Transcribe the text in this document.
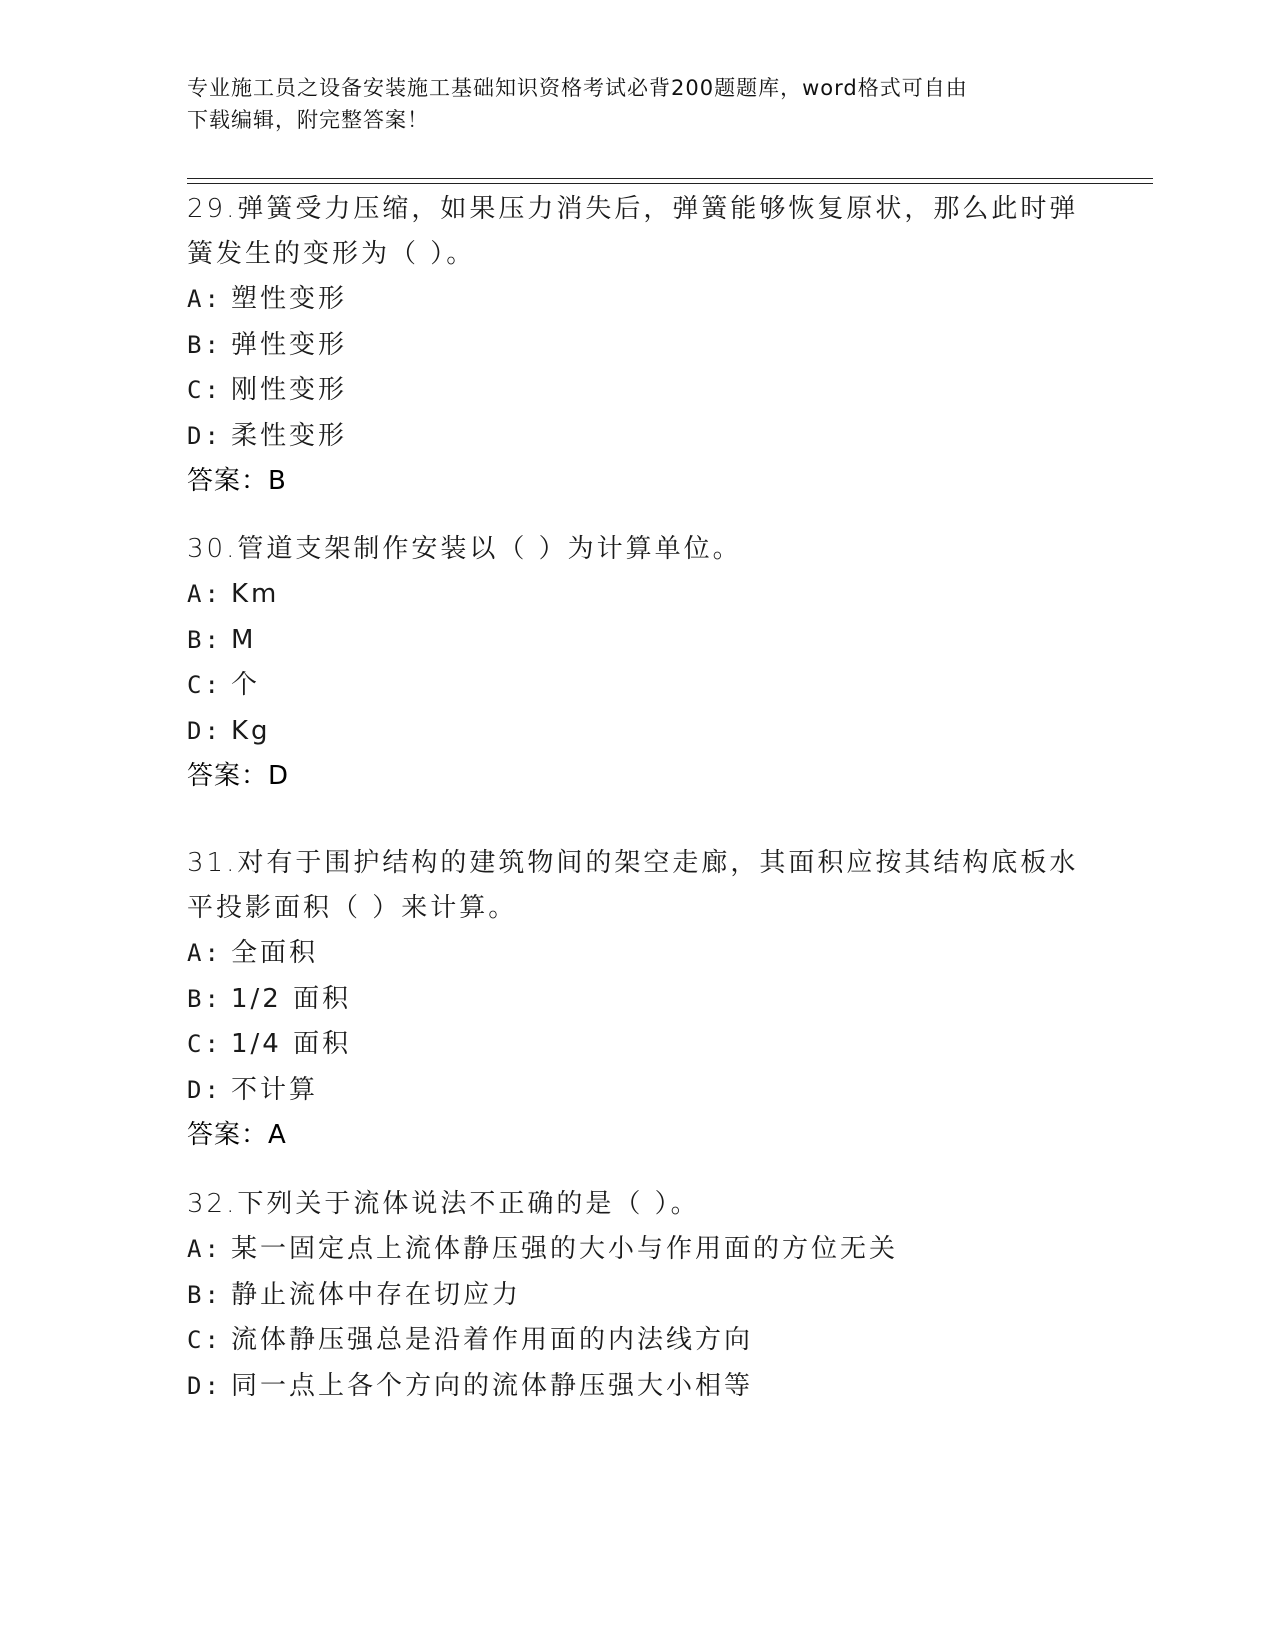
专业施工员之设备安装施工基础知识资格考试必背200题题库，word格式可自由
下载编辑，附完整答案！
29.弹簧受力压缩，如果压力消失后，弹簧能够恢复原状，那么此时弹
簧发生的变形为（ ）。
A: 塑性变形
B: 弹性变形
C: 刚性变形
D: 柔性变形
答案：B
30.管道支架制作安装以（ ）为计算单位。
A: Km
B: M
C: 个
D: Kg
答案：D
31.对有于围护结构的建筑物间的架空走廊，其面积应按其结构底板水
平投影面积（ ）来计算。
A: 全面积
B: 1/2 面积
C: 1/4 面积
D: 不计算
答案：A
32.下列关于流体说法不正确的是（ ）。
A: 某一固定点上流体静压强的大小与作用面的方位无关
B: 静止流体中存在切应力
C: 流体静压强总是沿着作用面的内法线方向
D: 同一点上各个方向的流体静压强大小相等
